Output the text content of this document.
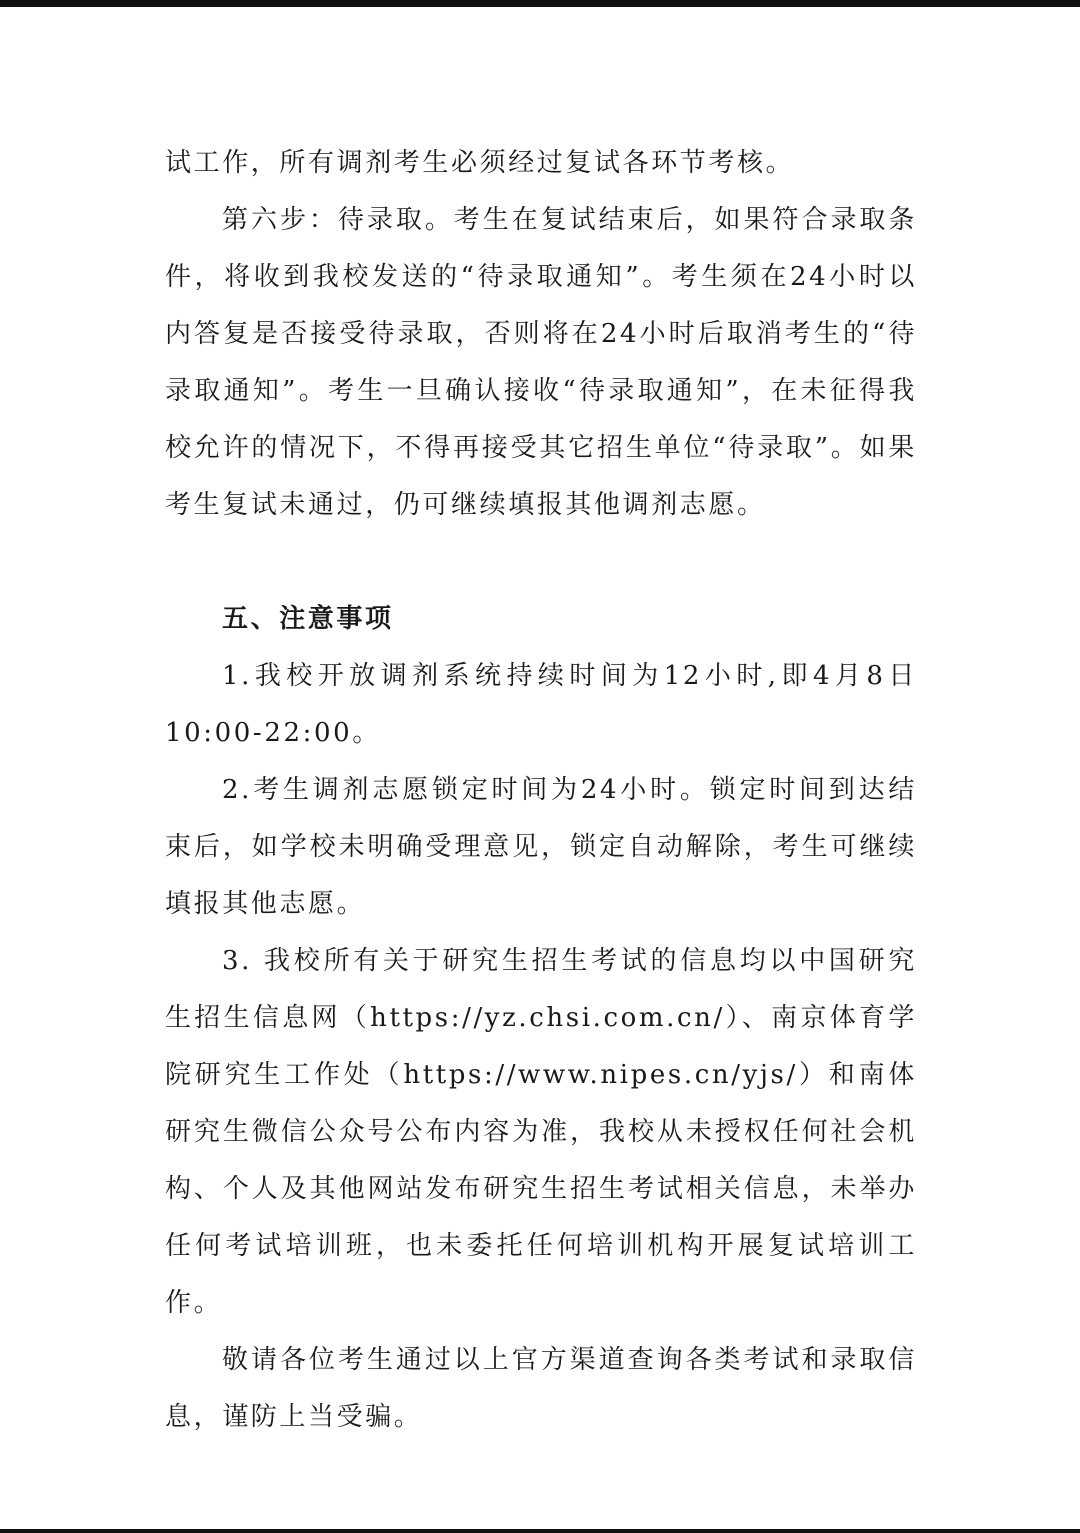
试工作，所有调剂考生必须经过复试各环节考核。

第六步：待录取。考生在复试结束后，如果符合录取条件，将收到我校发送的“待录取通知”。考生须在24小时以内答复是否接受待录取，否则将在24小时后取消考生的“待录取通知”。考生一旦确认接收“待录取通知”，在未征得我校允许的情况下，不得再接受其它招生单位“待录取”。如果考生复试未通过，仍可继续填报其他调剂志愿。

五、注意事项

1.我校开放调剂系统持续时间为12小时,即4月8日10:00-22:00。

2.考生调剂志愿锁定时间为24小时。锁定时间到达结束后，如学校未明确受理意见，锁定自动解除，考生可继续填报其他志愿。

3. 我校所有关于研究生招生考试的信息均以中国研究生招生信息网（https://yz.chsi.com.cn/）、南京体育学院研究生工作处（https://www.nipes.cn/yjs/）和南体研究生微信公众号公布内容为准，我校从未授权任何社会机构、个人及其他网站发布研究生招生考试相关信息，未举办任何考试培训班，也未委托任何培训机构开展复试培训工作。

敬请各位考生通过以上官方渠道查询各类考试和录取信息，谨防上当受骗。
